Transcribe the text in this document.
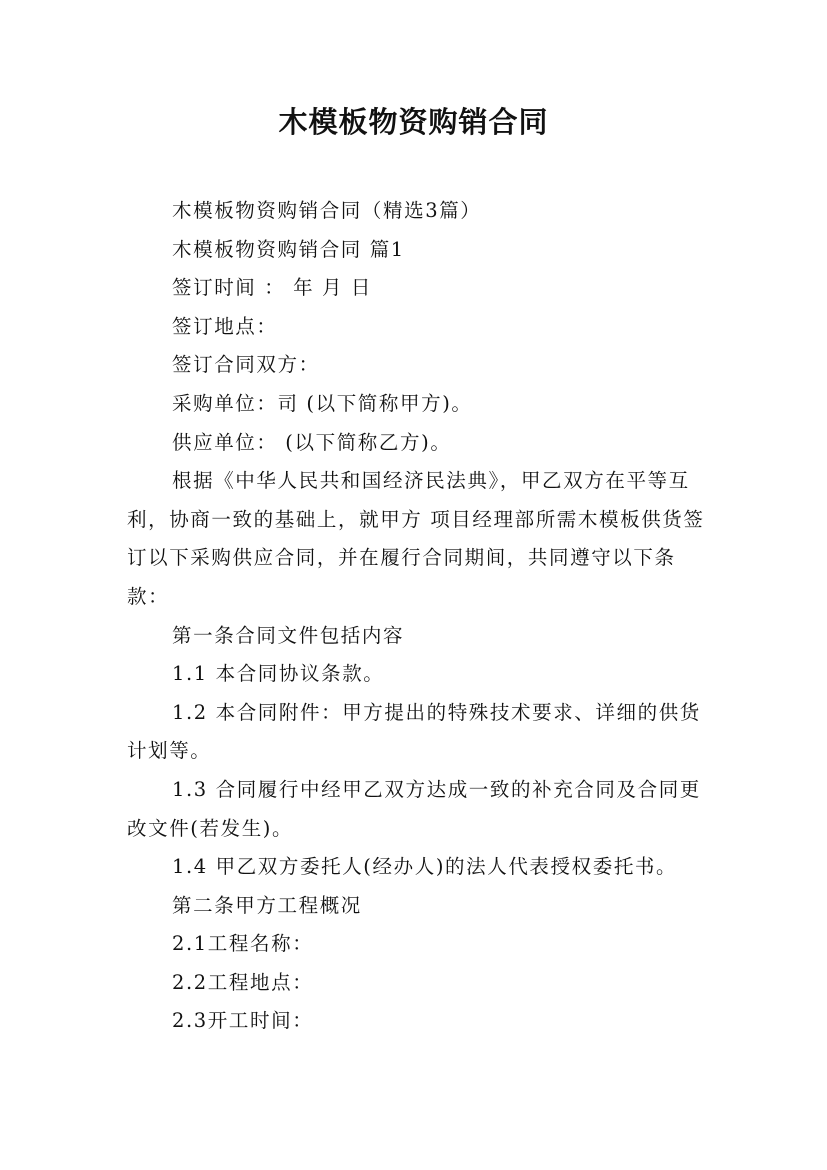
木模板物资购销合同

木模板物资购销合同（精选3篇）

木模板物资购销合同 篇1

签订时间 ： 年 月 日

签订地点：

签订合同双方：

采购单位：司 (以下简称甲方)。

供应单位： (以下简称乙方)。

根据《中华人民共和国经济民法典》，甲乙双方在平等互利，协商一致的基础上，就甲方 项目经理部所需木模板供货签订以下采购供应合同，并在履行合同期间，共同遵守以下条款：

第一条合同文件包括内容

1.1 本合同协议条款。

1.2 本合同附件：甲方提出的特殊技术要求、详细的供货计划等。

1.3 合同履行中经甲乙双方达成一致的补充合同及合同更改文件(若发生)。

1.4 甲乙双方委托人(经办人)的法人代表授权委托书。

第二条甲方工程概况

2.1工程名称：

2.2工程地点：

2.3开工时间：
